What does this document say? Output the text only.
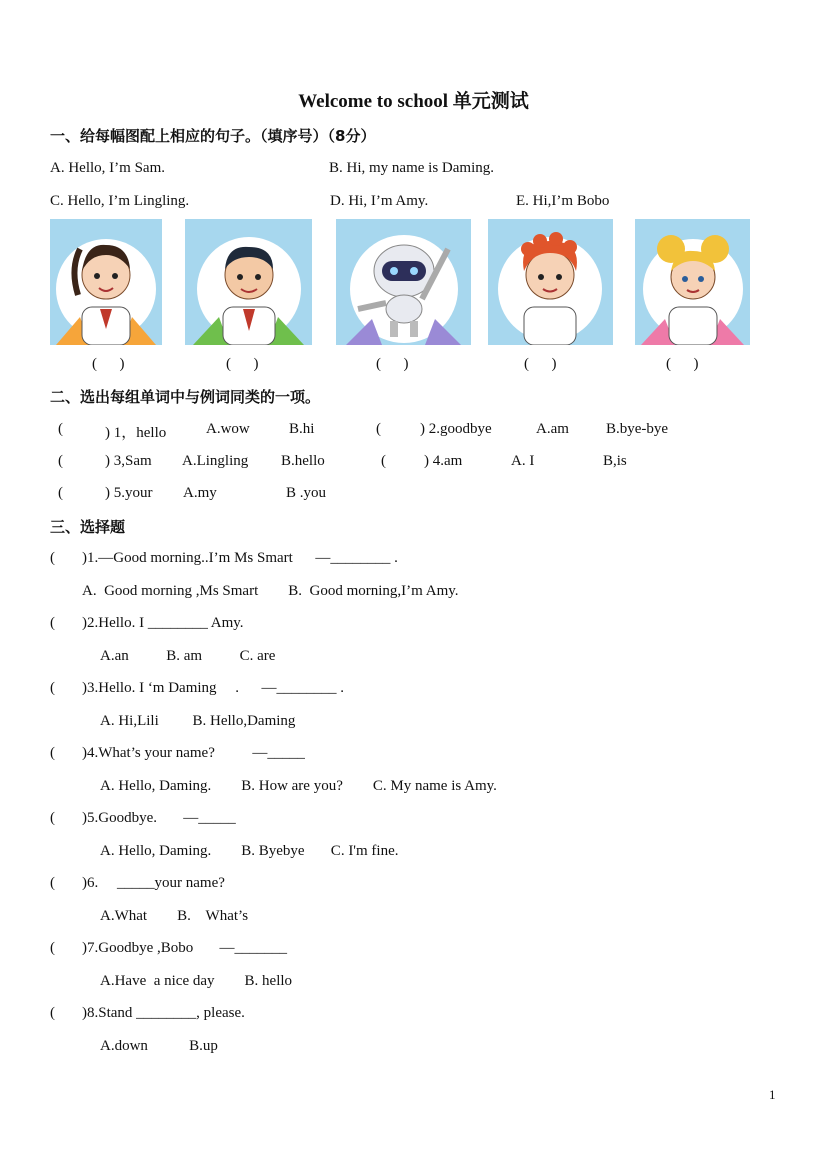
Welcome to school 单元测试
一、给每幅图配上相应的句子。（填序号）（8分）
A. Hello, I’m Sam.	B. Hi, my name is Daming.
C. Hello, I’m Lingling.	D. Hi, I’m Amy.	E. Hi,I’m Bobo
(      )	(      )	(      )	(      )	(      )
二、选出每组单词中与例词同类的一项。
(	) 1，hello	A.wow	B.hi	(	) 2.goodbye	A.am B.bye-bye
(	) 3,Sam A.Lingling B.hello	(	) 4.am	A. I	B,is
(	) 5.your A.my	B .you
三、选择题
( )1.—Good morning..I’m Ms Smart      —________ .
A.  Good morning ,Ms Smart        B.  Good morning,I’m Amy.
( )2.Hello. I ________ Amy.
A.an          B. am          C. are
( )3.Hello. I ‘m Daming     .      —________ .
A. Hi,Lili         B. Hello,Daming
( )4.What’s your name?          —_____
A. Hello, Daming.        B. How are you?        C. My name is Amy.
( )5.Goodbye.       —_____
A. Hello, Daming.        B. Byebye       C. I'm fine.
( )6.     _____your name?
A.What        B.    What’s
( )7.Goodbye ,Bobo       —_______
A.Have  a nice day        B. hello
( )8.Stand ________, please.
A.down           B.up
1
